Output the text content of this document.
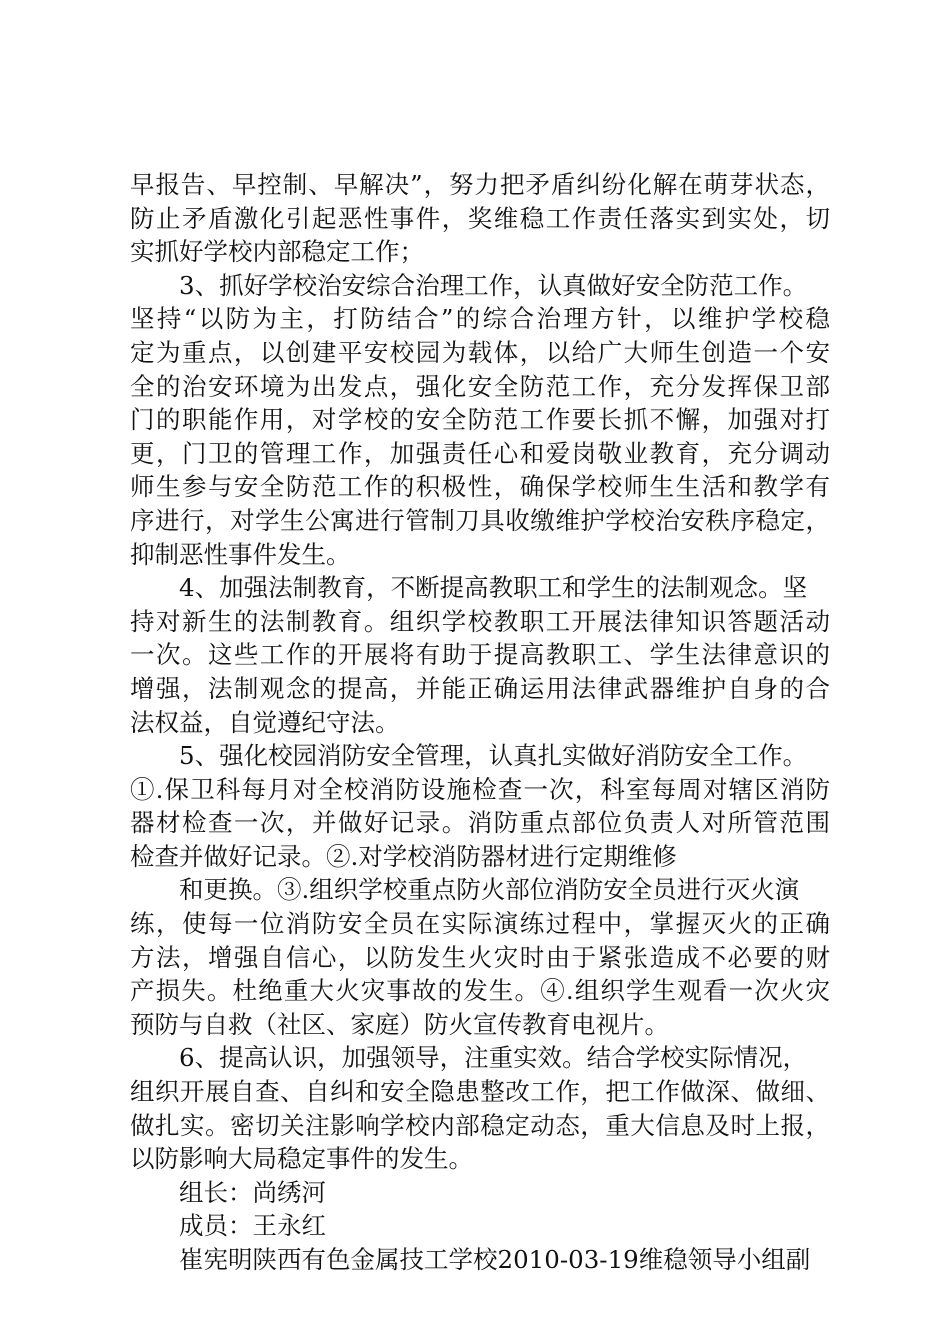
早报告、早控制、早解决”，努力把矛盾纠纷化解在萌芽状态，
防止矛盾激化引起恶性事件，奖维稳工作责任落实到实处，切
实抓好学校内部稳定工作；
3、抓好学校治安综合治理工作，认真做好安全防范工作。
坚持“以防为主，打防结合”的综合治理方针，以维护学校稳
定为重点，以创建平安校园为载体，以给广大师生创造一个安
全的治安环境为出发点，强化安全防范工作，充分发挥保卫部
门的职能作用，对学校的安全防范工作要长抓不懈，加强对打
更，门卫的管理工作，加强责任心和爱岗敬业教育，充分调动
师生参与安全防范工作的积极性，确保学校师生生活和教学有
序进行，对学生公寓进行管制刀具收缴维护学校治安秩序稳定，
抑制恶性事件发生。
4、加强法制教育，不断提高教职工和学生的法制观念。坚
持对新生的法制教育。组织学校教职工开展法律知识答题活动
一次。这些工作的开展将有助于提高教职工、学生法律意识的
增强，法制观念的提高，并能正确运用法律武器维护自身的合
法权益，自觉遵纪守法。
5、强化校园消防安全管理，认真扎实做好消防安全工作。
①.保卫科每月对全校消防设施检查一次，科室每周对辖区消防
器材检查一次，并做好记录。消防重点部位负责人对所管范围
检查并做好记录。②.对学校消防器材进行定期维修
和更换。③.组织学校重点防火部位消防安全员进行灭火演
练，使每一位消防安全员在实际演练过程中，掌握灭火的正确
方法，增强自信心，以防发生火灾时由于紧张造成不必要的财
产损失。杜绝重大火灾事故的发生。④.组织学生观看一次火灾
预防与自救（社区、家庭）防火宣传教育电视片。
6、提高认识，加强领导，注重实效。结合学校实际情况，
组织开展自查、自纠和安全隐患整改工作，把工作做深、做细、
做扎实。密切关注影响学校内部稳定动态，重大信息及时上报，
以防影响大局稳定事件的发生。
组长：尚绣河
成员：王永红
崔宪明陕西有色金属技工学校2010-03-19维稳领导小组副
